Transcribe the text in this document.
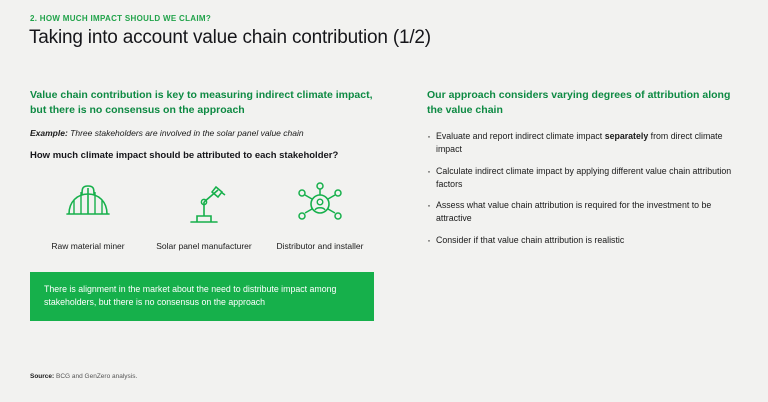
2. HOW MUCH IMPACT SHOULD WE CLAIM?
Taking into account value chain contribution (1/2)
Value chain contribution is key to measuring indirect climate impact, but there is no consensus on the approach
Example: Three stakeholders are involved in the solar panel value chain
How much climate impact should be attributed to each stakeholder?
Raw material miner	Solar panel manufacturer	Distributor and installer
There is alignment in the market about the need to distribute impact among stakeholders, but there is no consensus on the approach
Our approach considers varying degrees of attribution along the value chain
· Evaluate and report indirect climate impact separately from direct climate impact
· Calculate indirect climate impact by applying different value chain attribution factors
· Assess what value chain attribution is required for the investment to be attractive
· Consider if that value chain attribution is realistic
Source: BCG and GenZero analysis.
